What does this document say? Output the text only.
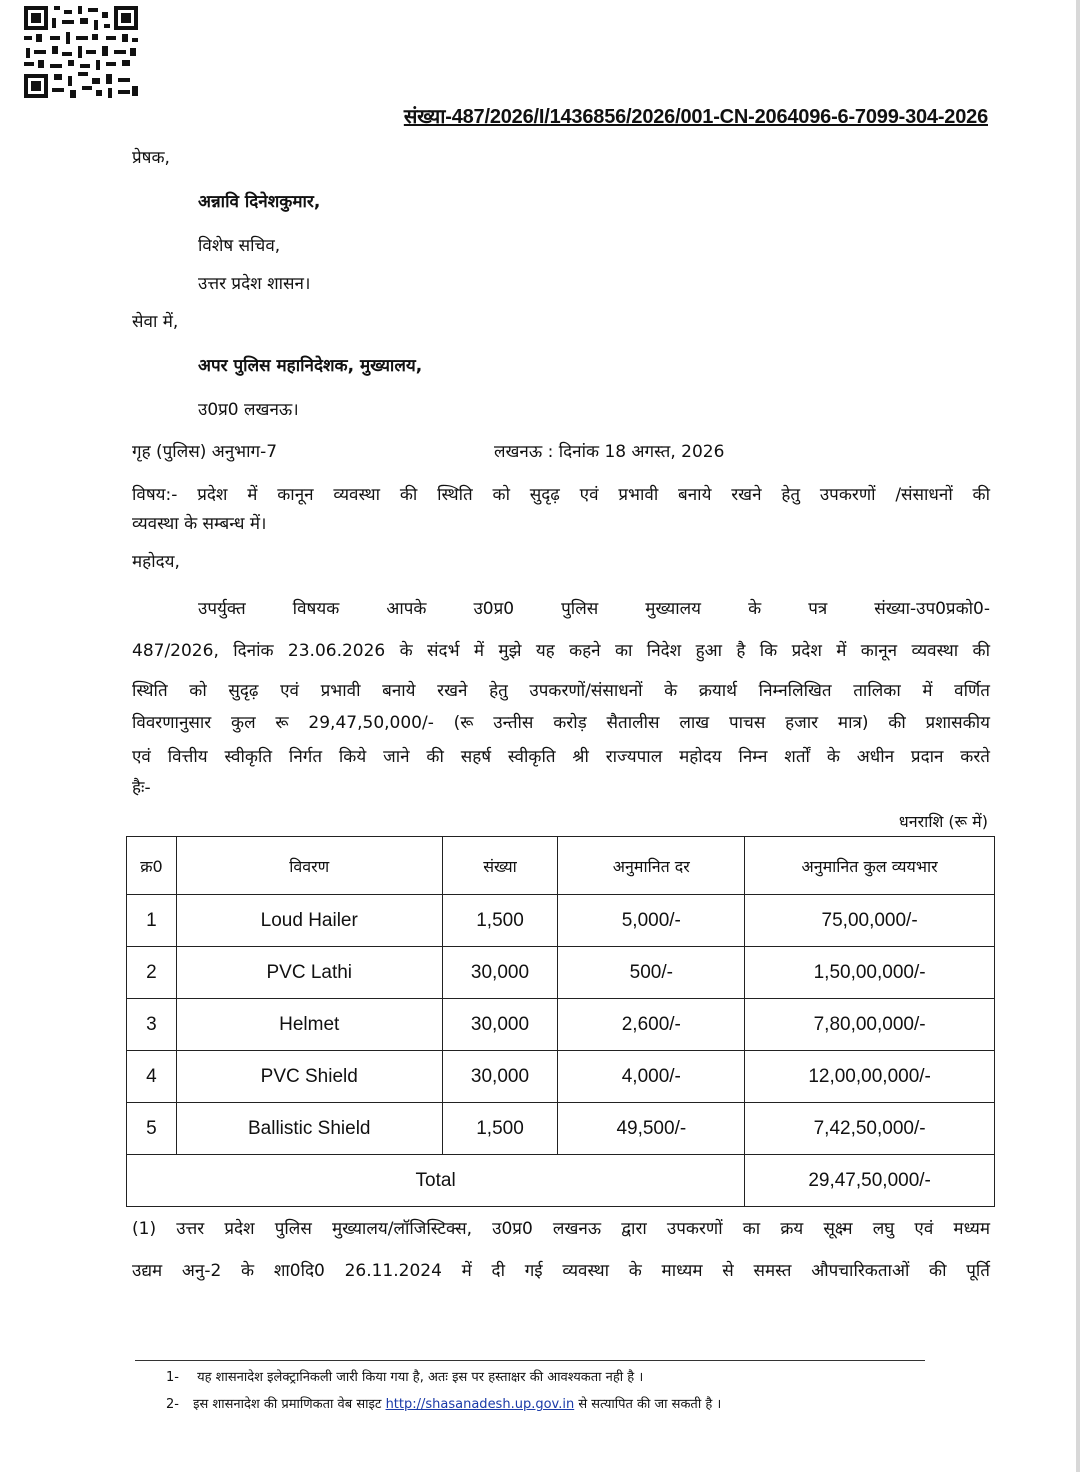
संख्या-487/2026/I/1436856/2026/001-CN-2064096-6-7099-304-2026
प्रेषक,
अन्नावि दिनेशकुमार,
विशेष सचिव,
उत्तर प्रदेश शासन।
सेवा में,
अपर पुलिस महानिदेशक, मुख्यालय,
उ0प्र0 लखनऊ।
गृह (पुलिस) अनुभाग-7	लखनऊ : दिनांक 18 अगस्त, 2026
विषय:- प्रदेश में कानून व्यवस्था की स्थिति को सुदृढ़ एवं प्रभावी बनाये रखने हेतु उपकरणों /संसाधनों की
व्यवस्था के सम्बन्ध में।
महोदय,
उपर्युक्त विषयक आपके उ0प्र0 पुलिस मुख्यालय के पत्र संख्या-उप0प्रको0-
487/2026, दिनांक 23.06.2026 के संदर्भ में मुझे यह कहने का निदेश हुआ है कि प्रदेश में कानून व्यवस्था की
स्थिति को सुदृढ़ एवं प्रभावी बनाये रखने हेतु उपकरणों/संसाधनों के क्रयार्थ निम्नलिखित तालिका में वर्णित
विवरणानुसार कुल रू 29,47,50,000/- (रू उन्तीस करोड़ सैतालीस लाख पाचस हजार मात्र) की प्रशासकीय
एवं वित्तीय स्वीकृति निर्गत किये जाने की सहर्ष स्वीकृति श्री राज्यपाल महोदय निम्न शर्तों के अधीन प्रदान करते
हैः-
धनराशि (रू में)
क्र0	विवरण	संख्या	अनुमानित दर	अनुमानित कुल व्ययभार
1	Loud Hailer	1,500	5,000/-	75,00,000/-
2	PVC Lathi	30,000	500/-	1,50,00,000/-
3	Helmet	30,000	2,600/-	7,80,00,000/-
4	PVC Shield	30,000	4,000/-	12,00,00,000/-
5	Ballistic Shield	1,500	49,500/-	7,42,50,000/-
Total				29,47,50,000/-
(1) उत्तर प्रदेश पुलिस मुख्यालय/लॉजिस्टिक्स, उ0प्र0 लखनऊ द्वारा उपकरणों का क्रय सूक्ष्म लघु एवं मध्यम
उद्यम अनु-2 के शा0दि0 26.11.2024 में दी गई व्यवस्था के माध्यम से समस्त औपचारिकताओं की पूर्ति
1- यह शासनादेश इलेक्ट्रानिकली जारी किया गया है, अतः इस पर हस्ताक्षर की आवश्यकता नही है ।
2- इस शासनादेश की प्रमाणिकता वेब साइट http://shasanadesh.up.gov.in से सत्यापित की जा सकती है ।
